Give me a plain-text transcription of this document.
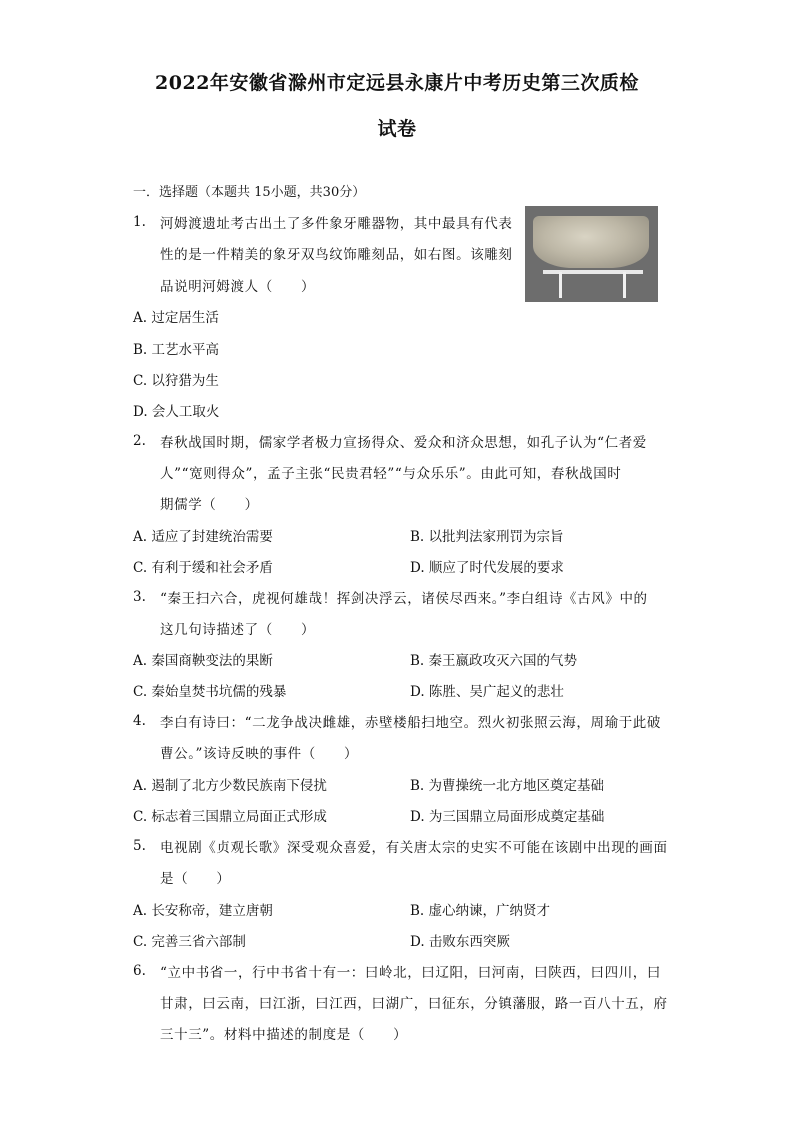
2022年安徽省滁州市定远县永康片中考历史第三次质检
试卷
一．选择题（本题共 15小题，共30分）
1. 河姆渡遗址考古出土了多件象牙雕器物，其中最具有代表
性的是一件精美的象牙双鸟纹饰雕刻品，如右图。该雕刻
品说明河姆渡人（　　）
A. 过定居生活
B. 工艺水平高
C. 以狩猎为生
D. 会人工取火
2. 春秋战国时期，儒家学者极力宣扬得众、爱众和济众思想，如孔子认为“仁者爱
人”“宽则得众”，孟子主张“民贵君轻”“与众乐乐”。由此可知，春秋战国时
期儒学（　　）
A. 适应了封建统治需要	B. 以批判法家刑罚为宗旨
C. 有利于缓和社会矛盾	D. 顺应了时代发展的要求
3. “秦王扫六合，虎视何雄哉！挥剑决浮云，诸侯尽西来。”李白组诗《古风》中的
这几句诗描述了（　　）
A. 秦国商鞅变法的果断	B. 秦王嬴政攻灭六国的气势
C. 秦始皇焚书坑儒的残暴	D. 陈胜、吴广起义的悲壮
4. 李白有诗曰：“二龙争战决雌雄，赤壁楼船扫地空。烈火初张照云海，周瑜于此破
曹公。”该诗反映的事件（　　）
A. 遏制了北方少数民族南下侵扰	B. 为曹操统一北方地区奠定基础
C. 标志着三国鼎立局面正式形成	D. 为三国鼎立局面形成奠定基础
5. 电视剧《贞观长歌》深受观众喜爱，有关唐太宗的史实不可能在该剧中出现的画面
是（　　）
A. 长安称帝，建立唐朝	B. 虚心纳谏，广纳贤才
C. 完善三省六部制	D. 击败东西突厥
6. “立中书省一，行中书省十有一：曰岭北，曰辽阳，曰河南，曰陕西，曰四川，曰
甘肃，曰云南，曰江浙，曰江西，曰湖广，曰征东，分镇藩服，路一百八十五，府
三十三”。材料中描述的制度是（　　）
